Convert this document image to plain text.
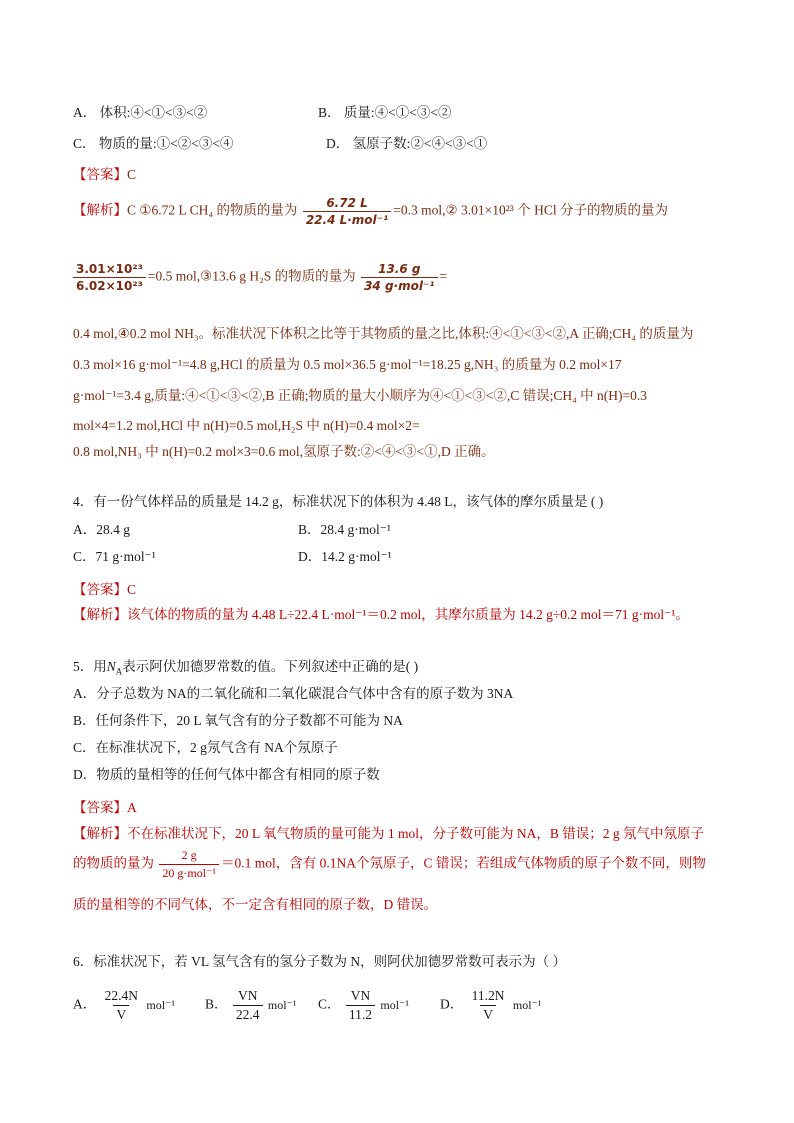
A． 体积:④<①<③<②	B． 质量:④<①<③<②
C． 物质的量:①<②<③<④	D． 氢原子数:②<④<③<①
【答案】C
【解析】C ①6.72 L CH₄ 的物质的量为 $\frac{6.72 L}{\text{22.4 L·mol⁻¹}} =0.3$ mol,② 3.01×10²³ 个 HCl 分子的物质的量为
$\frac{\text{3.01×10²³}}{\text{6.02×10²³}} =0.5$ mol,③13.6 g H₂S 的物质的量为 $\frac{13.6 g}{\text{34 g·mol⁻¹}}$ =
0.4 mol,④0.2 mol NH₃。标准状况下体积之比等于其物质的量之比,体积:④<①<③<②,A 正确;CH₄ 的质量为
0.3 mol×16 g·mol⁻¹=4.8 g,HCl 的质量为 0.5 mol×36.5 g·mol⁻¹=18.25 g,NH₃ 的质量为 0.2 mol×17
g·mol⁻¹=3.4 g,质量:④<①<③<②,B 正确;物质的量大小顺序为④<①<③<②,C 错误;CH₄ 中 n(H)=0.3
mol×4=1.2 mol,HCl 中 n(H)=0.5 mol,H₂S 中 n(H)=0.4 mol×2=
0.8 mol,NH₃ 中 n(H)=0.2 mol×3=0.6 mol,氢原子数:②<④<③<①,D 正确。
4．有一份气体样品的质量是 14.2 g，标准状况下的体积为 4.48 L，该气体的摩尔质量是 ( )
A．28.4 g	B．28.4 g·mol⁻¹
C．71 g·mol⁻¹	D．14.2 g·mol⁻¹
【答案】C
【解析】该气体的物质的量为 4.48 L÷22.4 L·mol⁻¹＝0.2 mol，其摩尔质量为 14.2 g÷0.2 mol＝71 g·mol⁻¹。
5．用$N_A$表示阿伏加德罗常数的值。下列叙述中正确的是( )
A．分子总数为 NA的二氧化硫和二氧化碳混合气体中含有的原子数为 3NA
B．任何条件下，20 L 氧气含有的分子数都不可能为 NA
C．在标准状况下，2 g氖气含有 NA个氖原子
D．物质的量相等的任何气体中都含有相同的原子数
【答案】A
【解析】不在标准状况下，20 L 氧气物质的量可能为 1 mol，分子数可能为 NA，B 错误；2 g 氖气中氖原子
的物质的量为 $\frac{2 g}{\text{20 g·mol⁻¹}} =0.1$ mol，含有 0.1NA个氖原子，C 错误；若组成气体物质的原子个数不同，则物
质的量相等的不同气体，不一定含有相同的原子数，D 错误。
6．标准状况下，若 VL 氢气含有的氢分子数为 N，则阿伏加德罗常数可表示为（ ）
A． $\frac{22.4N}{V} mol^{-1}$ B． $\frac{VN}{22.4} mol^{-1}$ C． $\frac{VN}{11.2} mol^{-1}$ D． $\frac{11.2N}{V} mol^{-1}$
